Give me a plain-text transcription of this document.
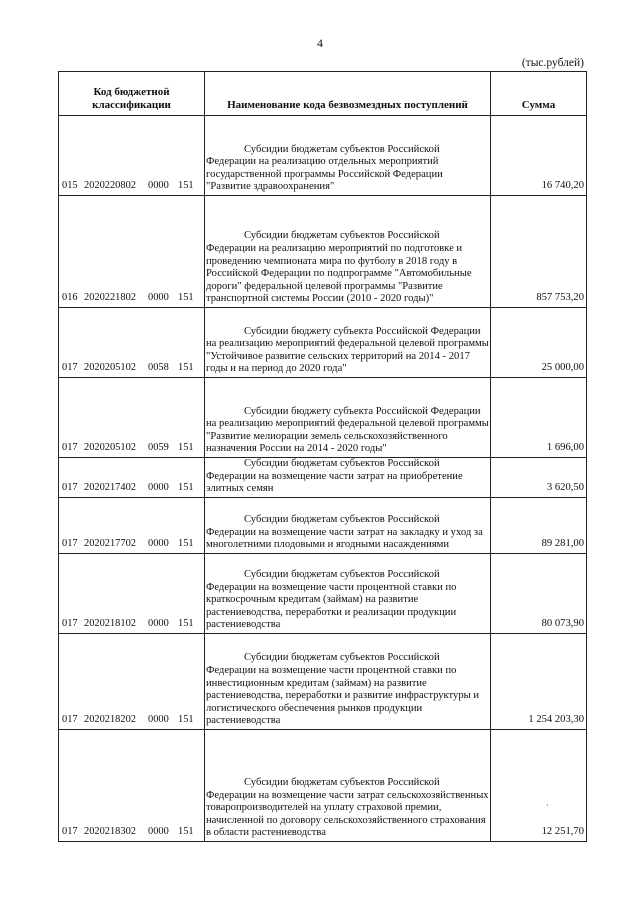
4
(тыс.рублей)
Код бюджетной классификации	Наименование кода безвозмездных поступлений	Сумма
015 2020220802 0000 151	Субсидии бюджетам субъектов Российской
Федерации на реализацию отдельных мероприятий государственной программы Российской Федерации "Развитие здравоохранения"	16 740,20
016 2020221802 0000 151	Субсидии бюджетам субъектов Российской
Федерации на реализацию мероприятий по подготовке и проведению чемпионата мира по футболу в 2018 году в Российской Федерации по подпрограмме "Автомобильные дороги" федеральной целевой программы "Развитие транспортной системы России (2010 - 2020 годы)"	857 753,20
017 2020205102 0058 151	Субсидии бюджету субъекта Российской Федерации
на реализацию мероприятий федеральной целевой программы "Устойчивое развитие сельских территорий на 2014 - 2017 годы и на период до 2020 года"	25 000,00
017 2020205102 0059 151	Субсидии бюджету субъекта Российской Федерации
на реализацию мероприятий федеральной целевой программы "Развитие мелиорации земель сельскохозяйственного назначения России на 2014 - 2020 годы"	1 696,00
017 2020217402 0000 151	Субсидии бюджетам субъектов Российской
Федерации на возмещение части затрат на приобретение элитных семян	3 620,50
017 2020217702 0000 151	Субсидии бюджетам субъектов Российской
Федерации на возмещение части затрат на закладку и уход за многолетними плодовыми и ягодными насаждениями	89 281,00
017 2020218102 0000 151	Субсидии бюджетам субъектов Российской
Федерации на возмещение части процентной ставки по краткосрочным кредитам (займам) на развитие растениеводства, переработки и реализации продукции растениеводства	80 073,90
017 2020218202 0000 151	Субсидии бюджетам субъектов Российской
Федерации на возмещение части процентной ставки по инвестиционным кредитам (займам) на развитие растениеводства, переработки и развитие инфраструктуры и логистического обеспечения рынков продукции растениеводства	1 254 203,30
017 2020218302 0000 151	Субсидии бюджетам субъектов Российской
Федерации на возмещение части затрат сельскохозяйственных товаропроизводителей на уплату страховой премии, начисленной по договору сельскохозяйственного страхования в области растениеводства	12 251,70
·
